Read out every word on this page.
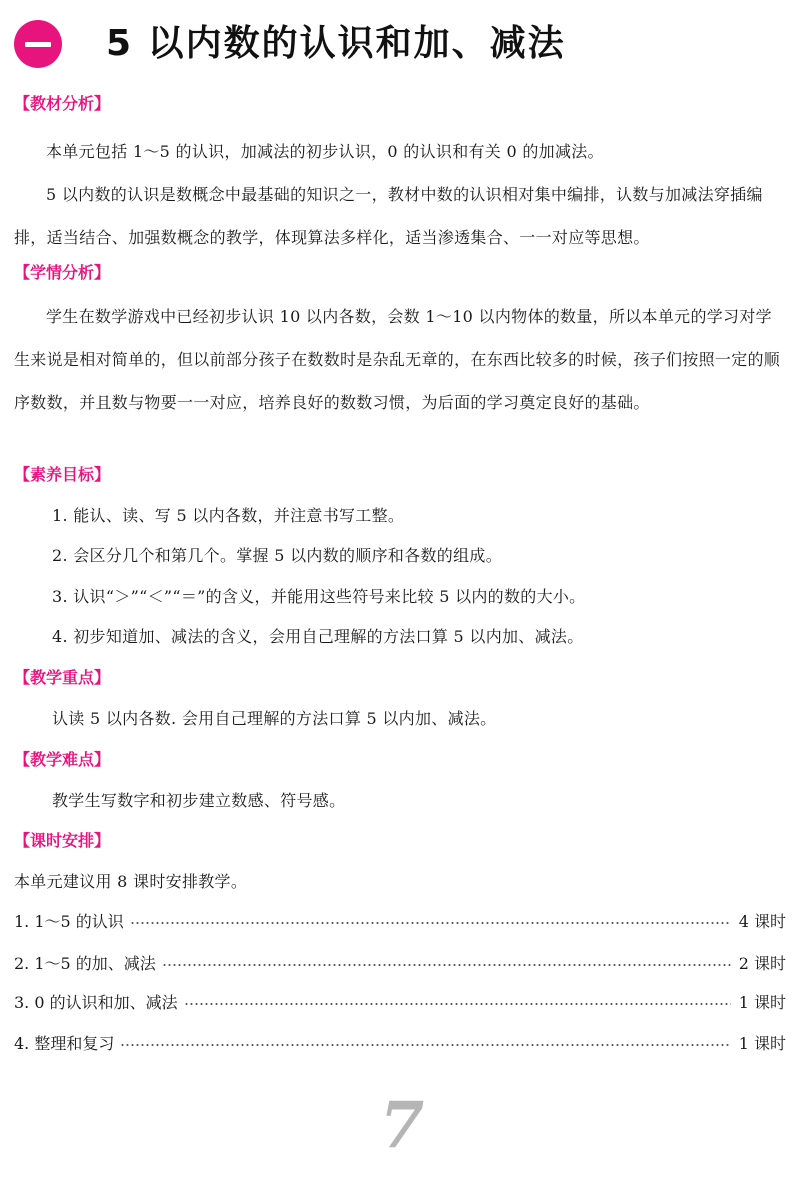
5 以内数的认识和加、减法
【教材分析】
本单元包括 1～5 的认识，加减法的初步认识，0 的认识和有关 0 的加减法。
5 以内数的认识是数概念中最基础的知识之一，教材中数的认识相对集中编排，认数与加减法穿插编排，适当结合、加强数概念的教学，体现算法多样化，适当渗透集合、一一对应等思想。
【学情分析】
学生在数学游戏中已经初步认识 10 以内各数，会数 1～10 以内物体的数量，所以本单元的学习对学生来说是相对简单的，但以前部分孩子在数数时是杂乱无章的，在东西比较多的时候，孩子们按照一定的顺序数数，并且数与物要一一对应，培养良好的数数习惯，为后面的学习奠定良好的基础。
【素养目标】
1. 能认、读、写 5 以内各数，并注意书写工整。
2. 会区分几个和第几个。掌握 5 以内数的顺序和各数的组成。
3. 认识“＞”“＜”“＝”的含义，并能用这些符号来比较 5 以内的数的大小。
4. 初步知道加、减法的含义，会用自己理解的方法口算 5 以内加、减法。
【教学重点】
认读 5 以内各数. 会用自己理解的方法口算 5 以内加、减法。
【教学难点】
教学生写数字和初步建立数感、符号感。
【课时安排】
本单元建议用 8 课时安排教学。
1. 1～5 的认识	4 课时
2. 1～5 的加、减法	2 课时
3. 0 的认识和加、减法	1 课时
4. 整理和复习	1 课时
7
